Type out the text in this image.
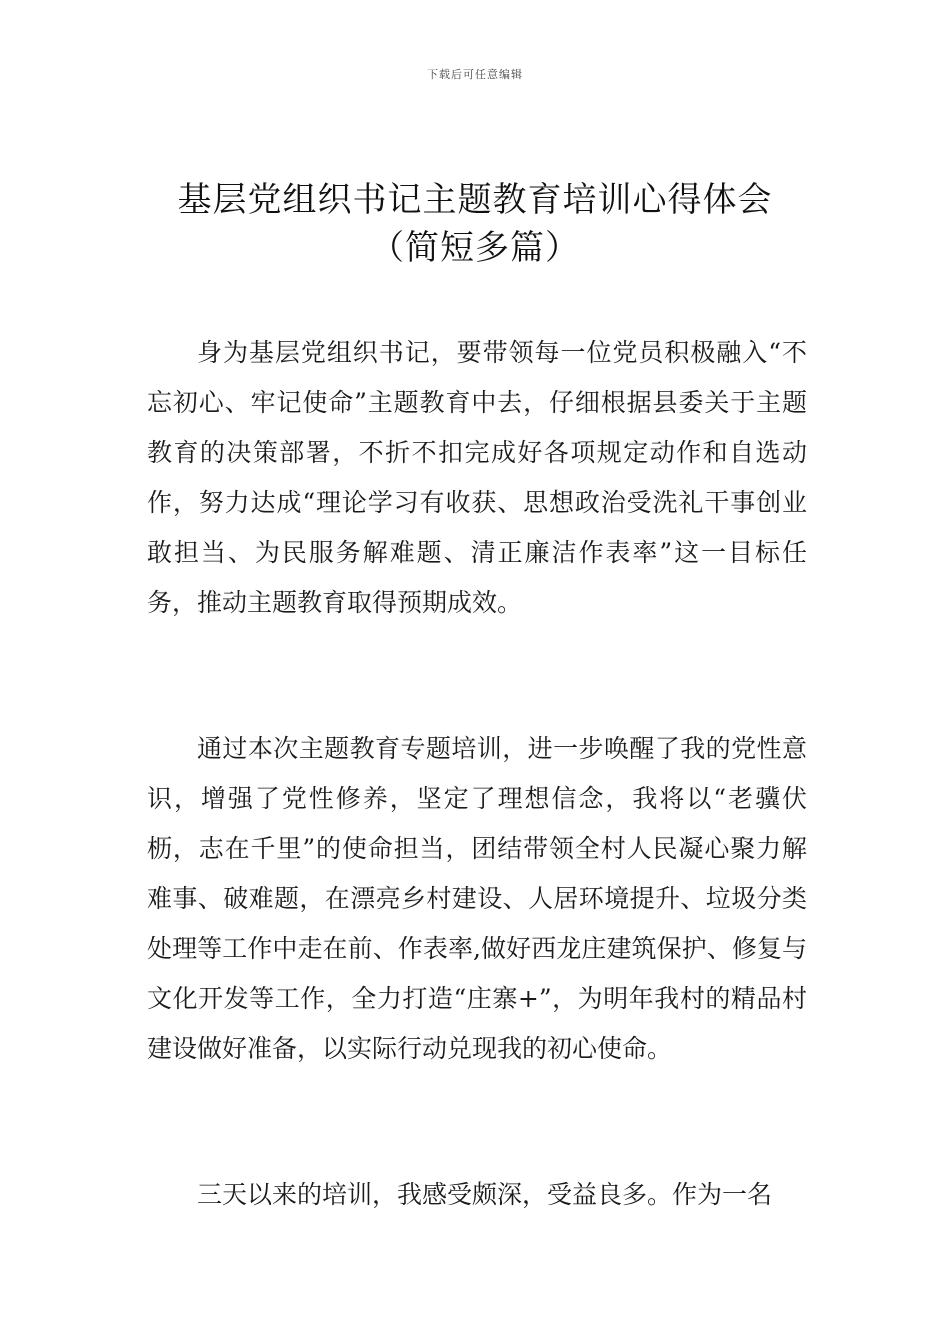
下载后可任意编辑
基层党组织书记主题教育培训心得体会
（简短多篇）

身为基层党组织书记，要带领每一位党员积极融入“不忘初心、牢记使命”主题教育中去，仔细根据县委关于主题教育的决策部署，不折不扣完成好各项规定动作和自选动作，努力达成“理论学习有收获、思想政治受洗礼干事创业敢担当、为民服务解难题、清正廉洁作表率”这一目标任务，推动主题教育取得预期成效。

通过本次主题教育专题培训，进一步唤醒了我的党性意识，增强了党性修养，坚定了理想信念，我将以“老骥伏枥，志在千里”的使命担当，团结带领全村人民凝心聚力解难事、破难题，在漂亮乡村建设、人居环境提升、垃圾分类处理等工作中走在前、作表率,做好西龙庄建筑保护、修复与文化开发等工作，全力打造“庄寨+”，为明年我村的精品村建设做好准备，以实际行动兑现我的初心使命。

三天以来的培训，我感受颇深，受益良多。作为一名
